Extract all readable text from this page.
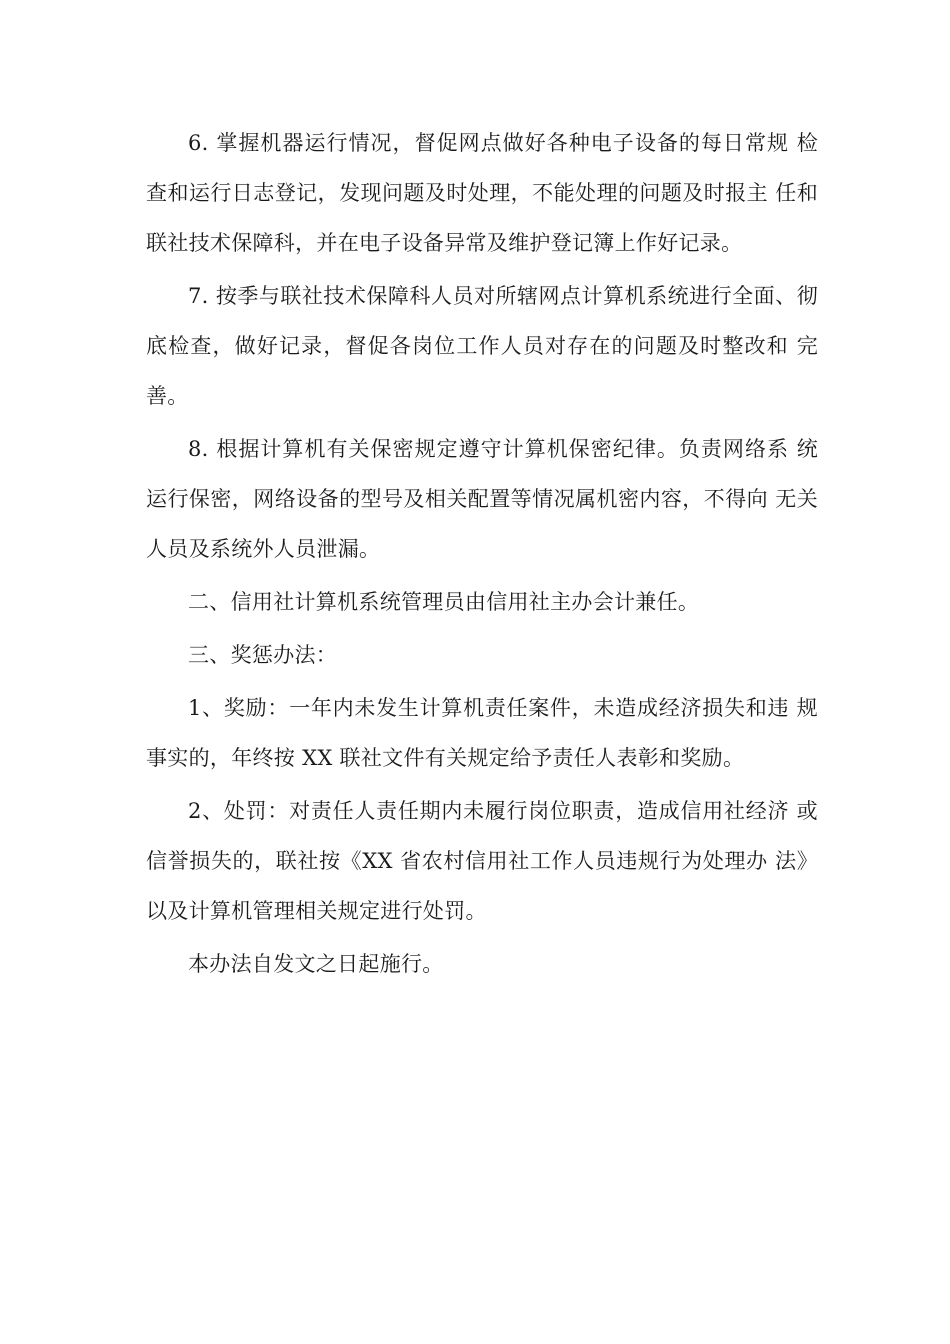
6. 掌握机器运行情况，督促网点做好各种电子设备的每日常规 检查和运行日志登记，发现问题及时处理，不能处理的问题及时报主 任和联社技术保障科，并在电子设备异常及维护登记簿上作好记录。

7. 按季与联社技术保障科人员对所辖网点计算机系统进行全面、彻底检查，做好记录，督促各岗位工作人员对存在的问题及时整改和 完善。

8. 根据计算机有关保密规定遵守计算机保密纪律。负责网络系 统运行保密，网络设备的型号及相关配置等情况属机密内容，不得向 无关人员及系统外人员泄漏。

二、信用社计算机系统管理员由信用社主办会计兼任。

三、奖惩办法：

1、奖励：一年内未发生计算机责任案件，未造成经济损失和违 规事实的，年终按 XX 联社文件有关规定给予责任人表彰和奖励。

2、处罚：对责任人责任期内未履行岗位职责，造成信用社经济 或信誉损失的，联社按《XX 省农村信用社工作人员违规行为处理办 法》以及计算机管理相关规定进行处罚。

本办法自发文之日起施行。
